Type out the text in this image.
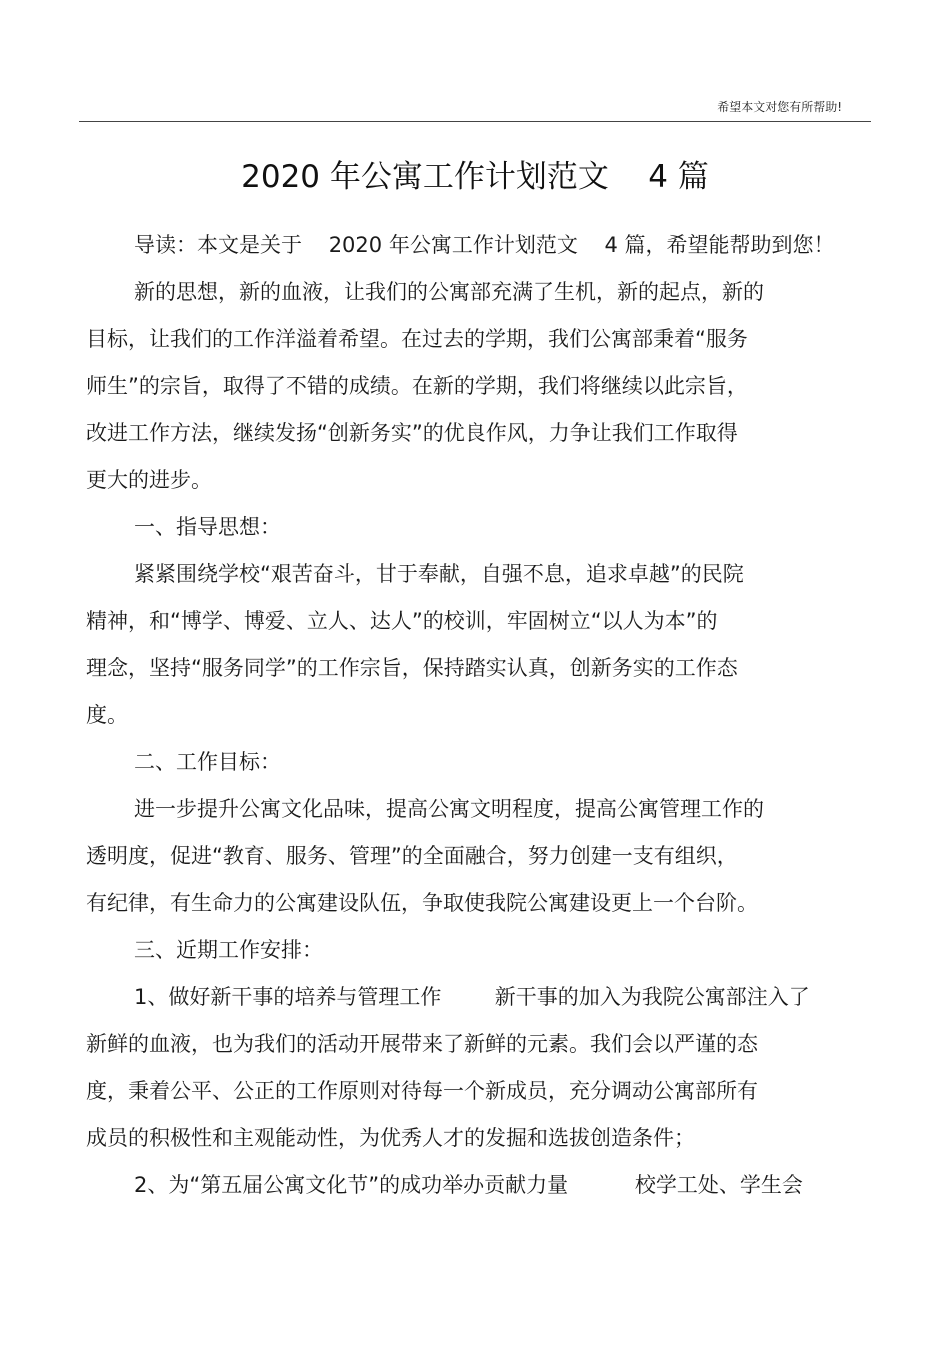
希望本文对您有所帮助!
2020 年公寓工作计划范文    4 篇
导读：本文是关于    2020 年公寓工作计划范文    4 篇，希望能帮助到您！
新的思想，新的血液，让我们的公寓部充满了生机，新的起点，新的
目标，让我们的工作洋溢着希望。在过去的学期，我们公寓部秉着“服务
师生”的宗旨，取得了不错的成绩。在新的学期，我们将继续以此宗旨，
改进工作方法，继续发扬“创新务实”的优良作风，力争让我们工作取得
更大的进步。
一、指导思想：
紧紧围绕学校“艰苦奋斗，甘于奉献，自强不息，追求卓越”的民院
精神，和“博学、博爱、立人、达人”的校训，牢固树立“以人为本”的
理念，坚持“服务同学”的工作宗旨，保持踏实认真，创新务实的工作态
度。
二、工作目标：
进一步提升公寓文化品味，提高公寓文明程度，提高公寓管理工作的
透明度，促进“教育、服务、管理”的全面融合，努力创建一支有组织，
有纪律，有生命力的公寓建设队伍，争取使我院公寓建设更上一个台阶。
三、近期工作安排：
1、做好新干事的培养与管理工作        新干事的加入为我院公寓部注入了
新鲜的血液，也为我们的活动开展带来了新鲜的元素。我们会以严谨的态
度，秉着公平、公正的工作原则对待每一个新成员，充分调动公寓部所有
成员的积极性和主观能动性，为优秀人才的发掘和选拔创造条件；
2、为“第五届公寓文化节”的成功举办贡献力量          校学工处、学生会
